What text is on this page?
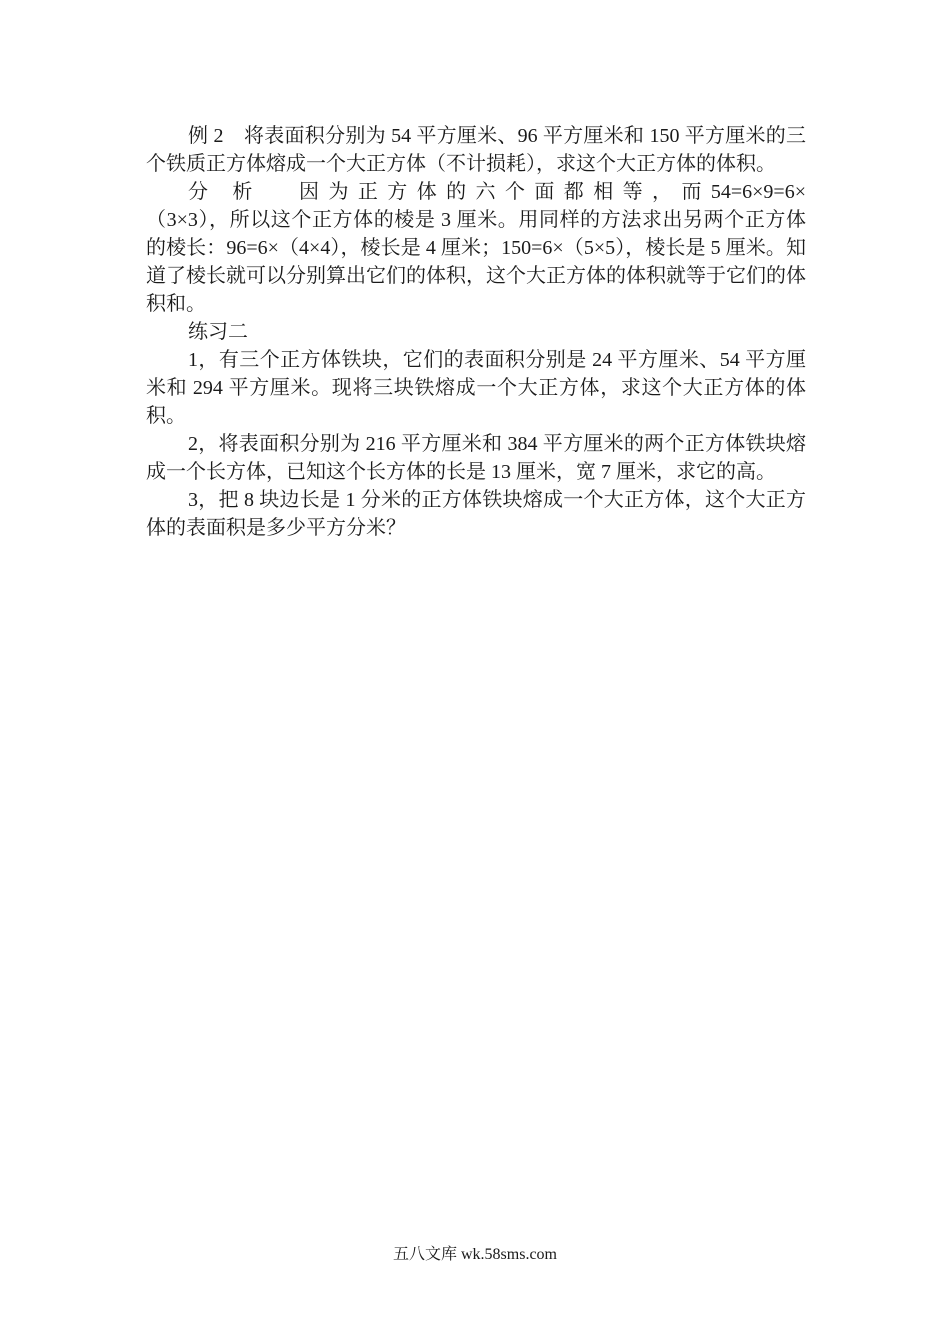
例 2　将表面积分别为 54 平方厘米、96 平方厘米和 150 平方厘米的三个铁质正方体熔成一个大正方体（不计损耗），求这个大正方体的体积。

分　析　　因 为 正 方 体 的 六 个 面 都 相 等 ， 而 54=6×9=6×（3×3），所以这个正方体的棱是 3 厘米。用同样的方法求出另两个正方体的棱长：96=6×（4×4），棱长是 4 厘米；150=6×（5×5），棱长是 5 厘米。知道了棱长就可以分别算出它们的体积，这个大正方体的体积就等于它们的体积和。

练习二

1，有三个正方体铁块，它们的表面积分别是 24 平方厘米、54 平方厘米和 294 平方厘米。现将三块铁熔成一个大正方体，求这个大正方体的体积。

2，将表面积分别为 216 平方厘米和 384 平方厘米的两个正方体铁块熔成一个长方体，已知这个长方体的长是 13 厘米，宽 7 厘米，求它的高。

3，把 8 块边长是 1 分米的正方体铁块熔成一个大正方体，这个大正方体的表面积是多少平方分米？

五八文库 wk.58sms.com
